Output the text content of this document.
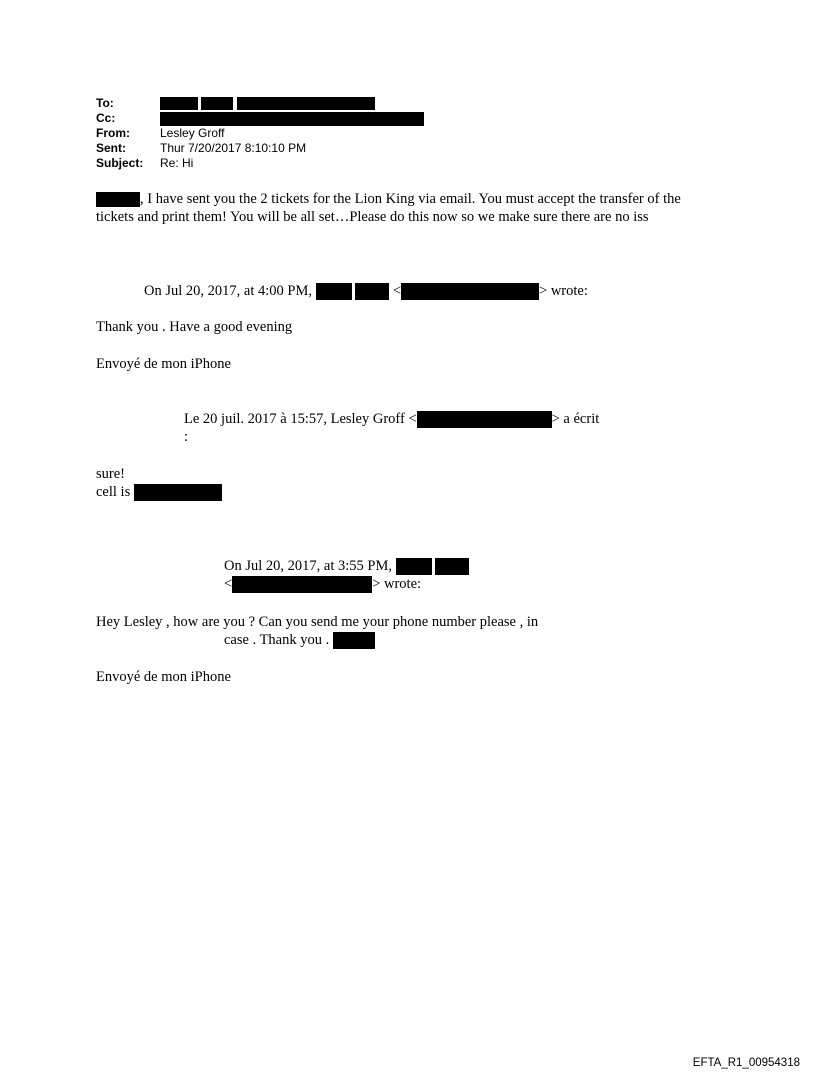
To:

Cc:
From:	Lesley Groff
Sent:	Thur 7/20/2017 8:10:10 PM
Subject: Re: Hi
, I have sent you the 2 tickets for the Lion King via email. You must accept the transfer of the tickets and print them! You will be all set…Please do this now so we make sure there are no iss
On Jul 20, 2017, at 4:00 PM,	<	> wrote:
Thank you . Have a good evening
Envoyé de mon iPhone
Le 20 juil. 2017 à 15:57, Lesley Groff <	> a écrit
:
sure!
cell is
On Jul 20, 2017, at 3:55 PM,
<	> wrote:
Hey Lesley , how are you ? Can you send me your phone number please , in
case . Thank you .
Envoyé de mon iPhone
EFTA_R1_00954318
